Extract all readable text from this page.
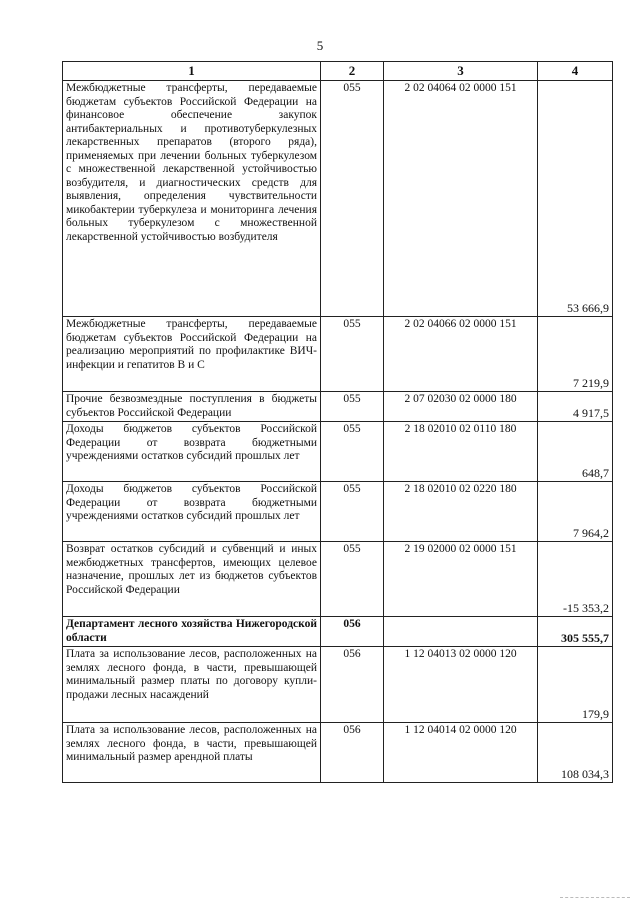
5
1	2	3	4
Межбюджетные трансферты, передаваемые бюджетам субъектов Российской Федерации на финансовое обеспечение закупок антибактериальных и противотуберкулезных лекарственных препаратов (второго ряда), применяемых при лечении больных туберкулезом с множественной лекарственной устойчивостью возбудителя, и диагностических средств для выявления, определения чувствительности микобактерии туберкулеза и мониторинга лечения больных туберкулезом с множественной лекарственной устойчивостью возбудителя	055	2 02 04064 02 0000 151	53 666,9
Межбюджетные трансферты, передаваемые бюджетам субъектов Российской Федерации на реализацию мероприятий по профилактике ВИЧ-инфекции и гепатитов В и С	055	2 02 04066 02 0000 151	7 219,9
Прочие безвозмездные поступления в бюджеты субъектов Российской Федерации	055	2 07 02030 02 0000 180	4 917,5
Доходы бюджетов субъектов Российской Федерации от возврата бюджетными учреждениями остатков субсидий прошлых лет	055	2 18 02010 02 0110 180	648,7
Доходы бюджетов субъектов Российской Федерации от возврата бюджетными учреждениями остатков субсидий прошлых лет	055	2 18 02010 02 0220 180	7 964,2
Возврат остатков субсидий и субвенций и иных межбюджетных трансфертов, имеющих целевое назначение, прошлых лет из бюджетов субъектов Российской Федерации	055	2 19 02000 02 0000 151	-15 353,2
Департамент лесного хозяйства Нижегородской области	056		305 555,7
Плата за использование лесов, расположенных на землях лесного фонда, в части, превышающей минимальный размер платы по договору купли-продажи лесных насаждений	056	1 12 04013 02 0000 120	179,9
Плата за использование лесов, расположенных на землях лесного фонда, в части, превышающей минимальный размер арендной платы	056	1 12 04014 02 0000 120	108 034,3
